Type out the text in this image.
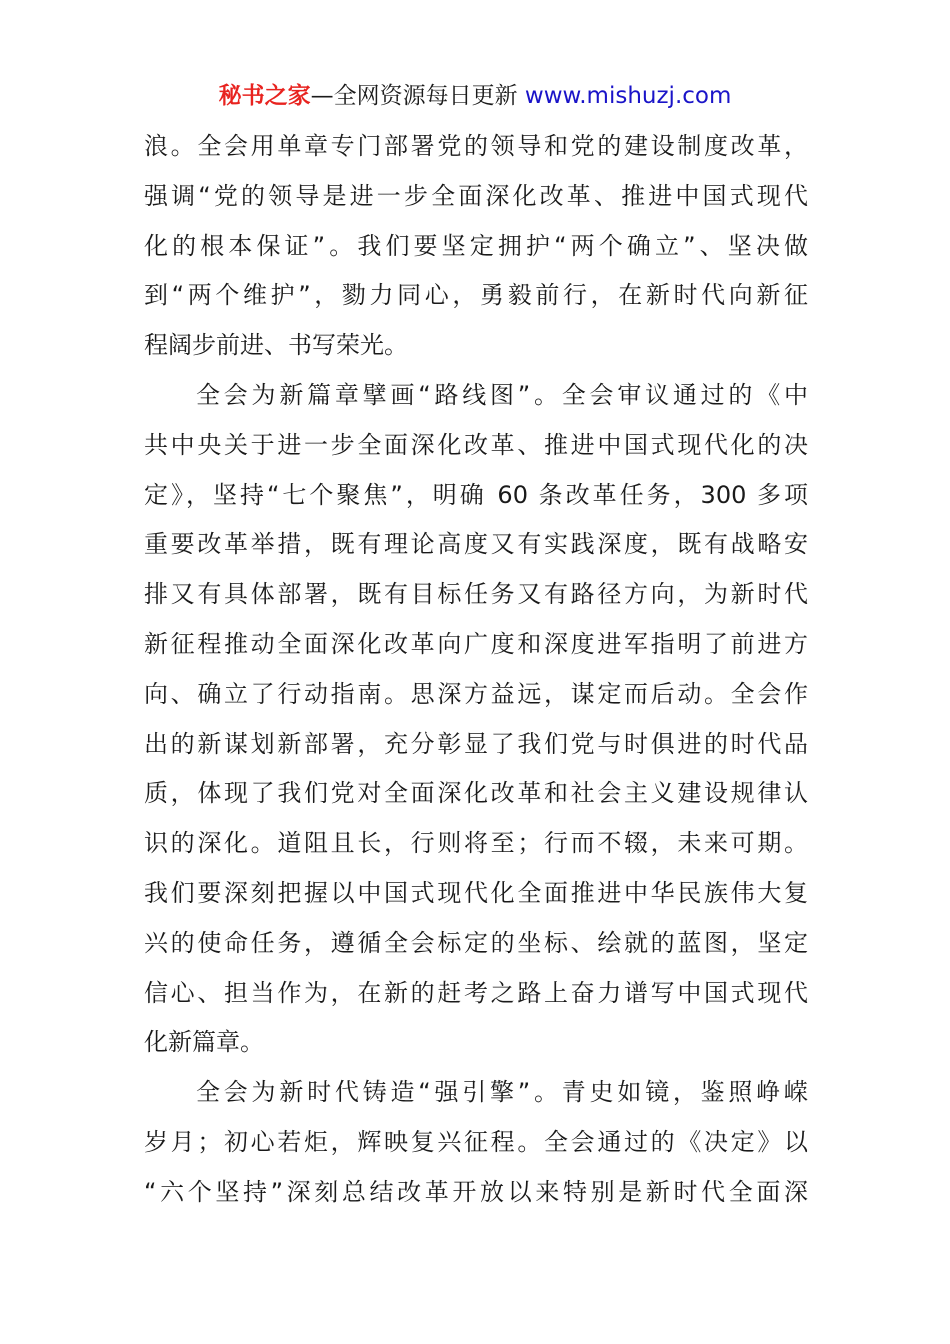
秘书之家—全网资源每日更新 www.mishuzj.com
浪。全会用单章专门部署党的领导和党的建设制度改革，
强调“党的领导是进一步全面深化改革、推进中国式现代
化的根本保证”。我们要坚定拥护“两个确立”、坚决做
到“两个维护”，勠力同心，勇毅前行，在新时代向新征
程阔步前进、书写荣光。
全会为新篇章擘画“路线图”。全会审议通过的《中
共中央关于进一步全面深化改革、推进中国式现代化的决
定》，坚持“七个聚焦”，明确 60 条改革任务，300 多项
重要改革举措，既有理论高度又有实践深度，既有战略安
排又有具体部署，既有目标任务又有路径方向，为新时代
新征程推动全面深化改革向广度和深度进军指明了前进方
向、确立了行动指南。思深方益远，谋定而后动。全会作
出的新谋划新部署，充分彰显了我们党与时俱进的时代品
质，体现了我们党对全面深化改革和社会主义建设规律认
识的深化。道阻且长，行则将至；行而不辍，未来可期。
我们要深刻把握以中国式现代化全面推进中华民族伟大复
兴的使命任务，遵循全会标定的坐标、绘就的蓝图，坚定
信心、担当作为，在新的赶考之路上奋力谱写中国式现代
化新篇章。
全会为新时代铸造“强引擎”。青史如镜，鉴照峥嵘
岁月；初心若炬，辉映复兴征程。全会通过的《决定》以
“六个坚持”深刻总结改革开放以来特别是新时代全面深
